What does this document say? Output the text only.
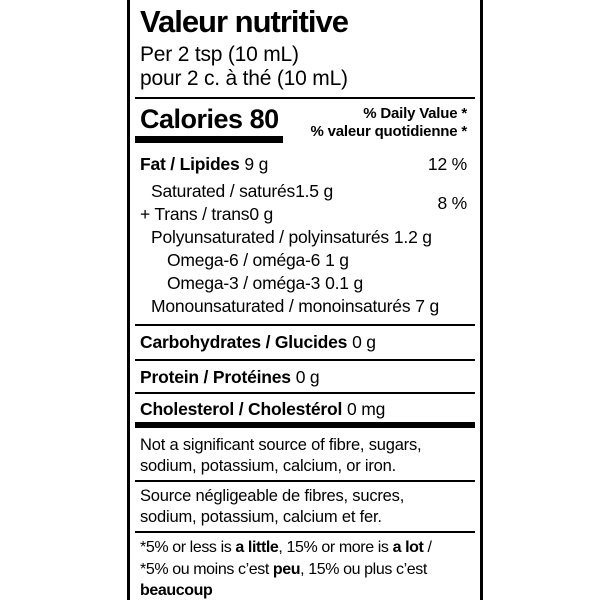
Valeur nutritive
Per 2 tsp (10 mL)
pour 2 c. à thé (10 mL)
Calories 80	% Daily Value *
% valeur quotidienne *
Fat / Lipides 9 g	12 %
Saturated / saturés1.5 g
+ Trans / trans0 g
8 %
Polyunsaturated / polyinsaturés 1.2 g
Omega-6 / oméga-6 1 g
Omega-3 / oméga-3 0.1 g
Monounsaturated / monoinsaturés 7 g
Carbohydrates / Glucides 0 g
Protein / Protéines 0 g
Cholesterol / Cholestérol 0 mg
Not a significant source of fibre, sugars,
sodium, potassium, calcium, or iron.
Source négligeable de fibres, sucres,
sodium, potassium, calcium et fer.
*5% or less is a little, 15% or more is a lot /
*5% ou moins c’est peu, 15% ou plus c’est
beaucoup
